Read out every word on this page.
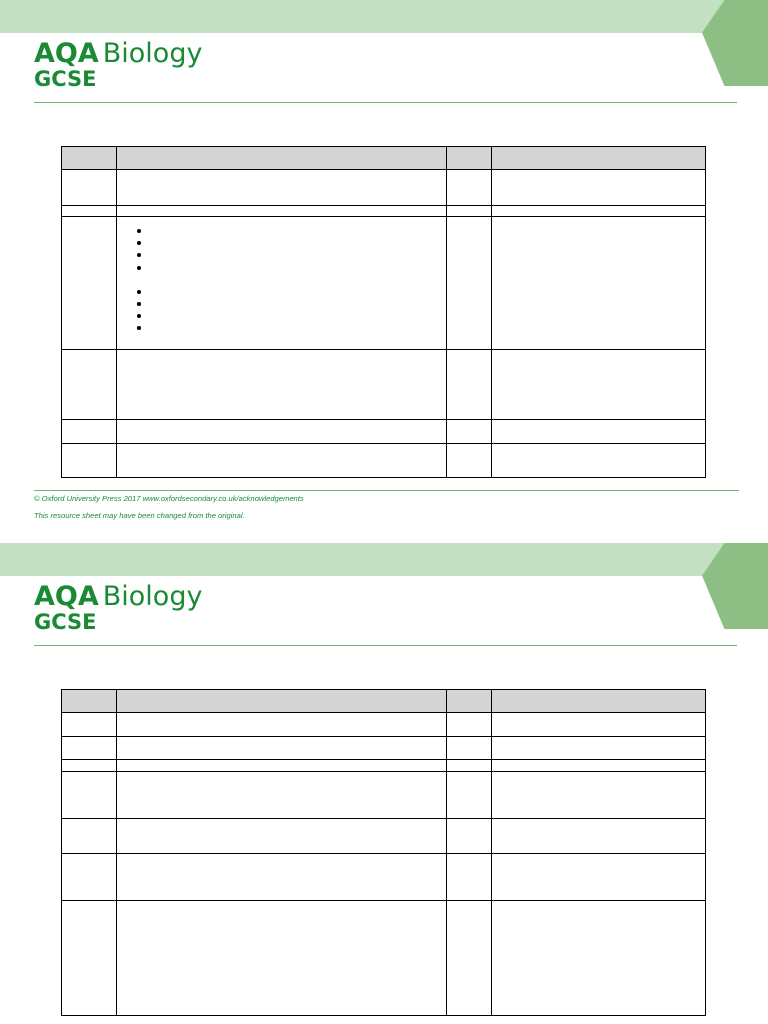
AQA Biology
GCSE

© Oxford University Press 2017 www.oxfordsecondary.co.uk/acknowledgements
This resource sheet may have been changed from the original.
AQA Biology
GCSE
